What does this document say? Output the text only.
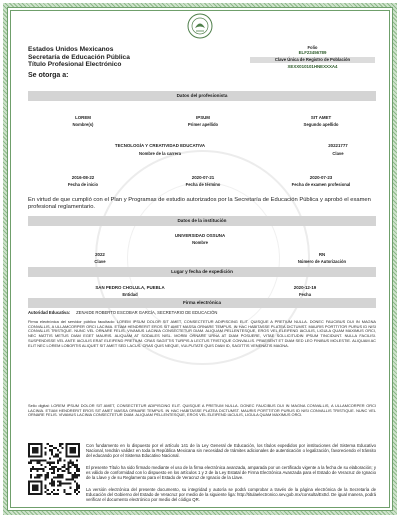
Estados Unidos Mexicanos
Secretaría de Educación Pública
Título Profesional Electrónico
Folio
ELF23456789
Clave Única de Registro de Población
XEXX010101HNEXXXA4
Se otorga a:
Datos del profesionista
LOREM	IPSUM	SIT AMET
Nombre(s)	Primer apellido	Segundo apellido
TECNOLOGÍA Y CREATIVIDAD EDUCATIVA	20221777
Nombre de la carrera	Clave
2016-08-22	2020-07-21	2020-07-23
Fecha de inicio	Fecha de término	Fecha de examen profesional
En virtud de que cumplió con el Plan y Programas de estudio autorizados por la Secretaría de Educación Pública y aprobó el examen profesional reglamentario.
Datos de la institución
UNIVERSIDAD OSSUNA
Nombre
2022	RN
Clave	Número de Autorización
Lugar y fecha de expedición
SAN PEDRO CHOLULA, PUEBLA	2020-12-19
Entidad	Fecha
Firma electrónica
Autoridad Educativa: ZENAIDE ROBERTO ESCOBAR GARCÍA, SECRETARIO DE EDUCACIÓN
Firma electrónica del servidor público facultado: LOREM IPSUM DOLOR SIT AMET, CONSECTETUR ADIPISCING ELIT. QUISQUE A PRETIUM NULLA. DONEC FAUCIBUS DUI IN MAGNA CONVALLIS, A ULLAMCORPER ORCI LACINIA. ETIAM HENDRERIT EROS SIT AMET MASSA ORNARE TEMPUS. IN HAC HABITASSE PLATEA DICTUMST. MAURIS PORTTITOR PURUS ID NISI CONVALLIS TRISTIQUE. NUNC VEL ORNARE FELIS. VIVAMUS LACINIA CONSECTETUR DIAM. ALIQUAM PELLENTESQUE, EROS VEL ELEIFEND IACULIS, LIGULA QUAM MAXIMUS ORCI, NEC MATTIS METUS DIAM EGET MAURIS. ALIQUAM AT SODALES NISL. MORBI ORNARE URNA AT DIAM POSUERE, VITAE SOLLICITUDIN IPSUM TINCIDUNT. NULLA FACILISI. SUSPENDISSE VEL ANTE IACULIS ERAT ELEIFEND PRETIUM. CRAS SAGITTIS TURPIS A LECTUS TRISTIQUE CONVALLIS. PRAESENT ET DIAM SED LEO FINIBUS MOLESTIE. ALIQUAM AC ELIT NEC LOREM LOBORTIS ALIQUET SIT AMET SED LACUS. CRAS QUIS NEQUE, VULPUTATE QUIS DIAM ID, SAGITTIS VENENATIS MAGNA.
Sello digital: LOREM IPSUM DOLOR SIT AMET, CONSECTETUR ADIPISCING ELIT. QUISQUE A PRETIUM NULLA. DONEC FAUCIBUS DUI IN MAGNA CONVALLIS, A ULLAMCORPER ORCI LACINIA. ETIAM HENDRERIT EROS SIT AMET MASSA ORNARE TEMPUS. IN HAC HABITASSE PLATEA DICTUMST. MAURIS PORTTITOR PURUS ID NISI CONVALLIS TRISTIQUE. NUNC VEL ORNARE FELIS. VIVAMUS LACINIA CONSECTETUR DIAM. ALIQUAM PELLENTESQUE, EROS VEL ELEIFEND IACULIS, LIGULA QUAM MAXIMUS ORCI.
Con fundamento en lo dispuesto por el artículo 141 de la Ley General de Educación, los títulos expedidos por instituciones del Sistema Educativo Nacional, tendrán validez en toda la República Mexicana sin necesidad de trámites adicionales de autenticación o legalización, favoreciendo el tránsito del educando por el Sistema Educativo Nacional.
El presente Título ha sido firmado mediante el uso de la firma electrónica avanzada, amparada por un certificado vigente a la fecha de su elaboración; y es válido de conformidad con lo dispuesto en los artículos 1 y 2 de la Ley Estatal de Firma Electrónica Avanzada para el Estado de Veracruz de Ignacio de la Llave y de su Reglamento para el Estado de Veracruz de Ignacio de la Llave.
La versión electrónica del presente documento, su integridad y autoría se podrá comprobar a través de la página electrónica de la Secretaría de Educación del Gobierno del Estado de Veracruz por medio de la siguiente liga: http://titulaelectronico.sev.gob.mx/consulta/ExtId. De igual manera, podrá verificar el documento electrónico por medio del código QR.
